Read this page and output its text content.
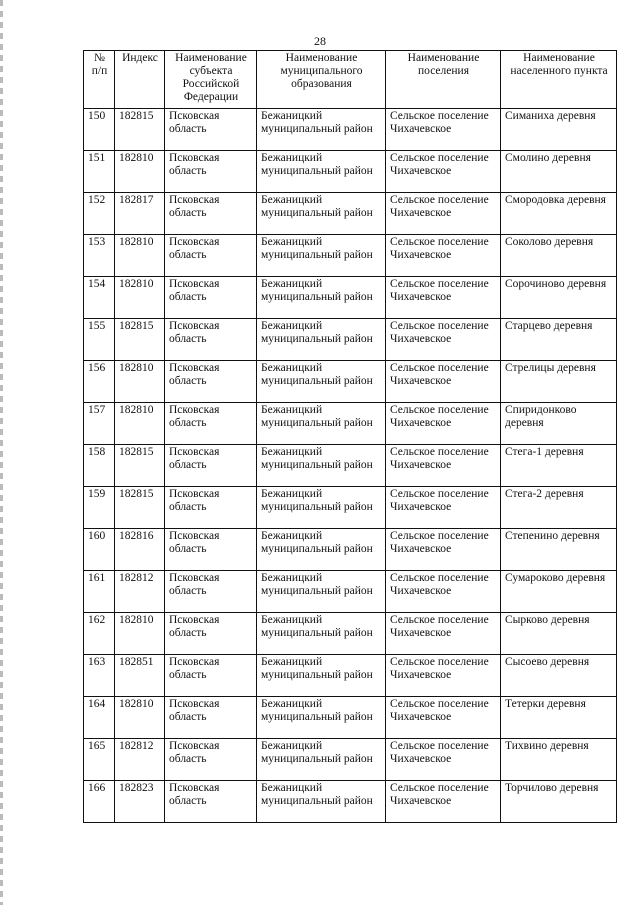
28
№ п/п	Индекс	Наименование субъекта Российской Федерации	Наименование муниципального образования	Наименование поселения	Наименование населенного пункта
150	182815	Псковская область	Бежаницкий муниципальный район	Сельское поселение Чихачевское	Симаниха деревня
151	182810	Псковская область	Бежаницкий муниципальный район	Сельское поселение Чихачевское	Смолино деревня
152	182817	Псковская область	Бежаницкий муниципальный район	Сельское поселение Чихачевское	Смородовка деревня
153	182810	Псковская область	Бежаницкий муниципальный район	Сельское поселение Чихачевское	Соколово деревня
154	182810	Псковская область	Бежаницкий муниципальный район	Сельское поселение Чихачевское	Сорочиново деревня
155	182815	Псковская область	Бежаницкий муниципальный район	Сельское поселение Чихачевское	Старцево деревня
156	182810	Псковская область	Бежаницкий муниципальный район	Сельское поселение Чихачевское	Стрелицы деревня
157	182810	Псковская область	Бежаницкий муниципальный район	Сельское поселение Чихачевское	Спиридонково деревня
158	182815	Псковская область	Бежаницкий муниципальный район	Сельское поселение Чихачевское	Стега-1 деревня
159	182815	Псковская область	Бежаницкий муниципальный район	Сельское поселение Чихачевское	Стега-2 деревня
160	182816	Псковская область	Бежаницкий муниципальный район	Сельское поселение Чихачевское	Степенино деревня
161	182812	Псковская область	Бежаницкий муниципальный район	Сельское поселение Чихачевское	Сумароково деревня
162	182810	Псковская область	Бежаницкий муниципальный район	Сельское поселение Чихачевское	Сырково деревня
163	182851	Псковская область	Бежаницкий муниципальный район	Сельское поселение Чихачевское	Сысоево деревня
164	182810	Псковская область	Бежаницкий муниципальный район	Сельское поселение Чихачевское	Тетерки деревня
165	182812	Псковская область	Бежаницкий муниципальный район	Сельское поселение Чихачевское	Тихвино деревня
166	182823	Псковская область	Бежаницкий муниципальный район	Сельское поселение Чихачевское	Торчилово деревня
